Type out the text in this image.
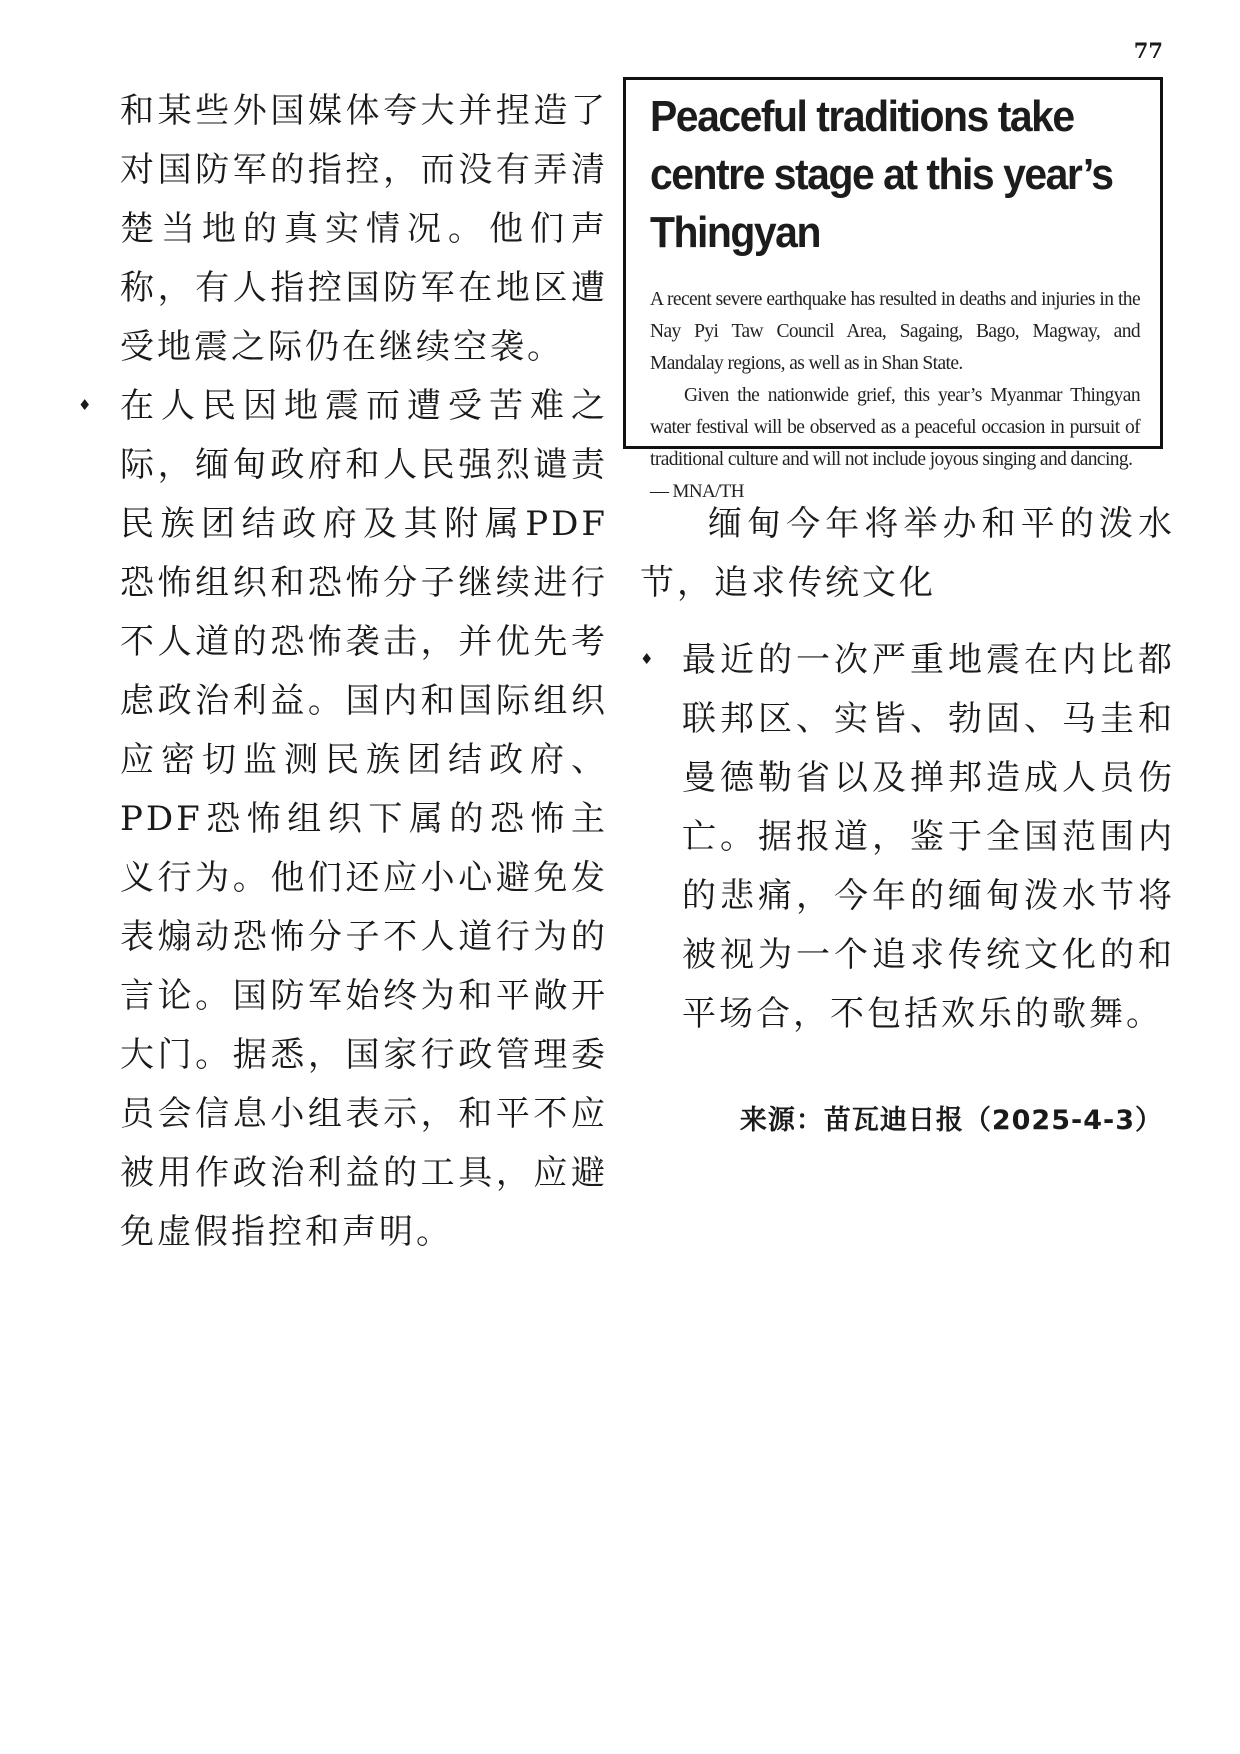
77

和某些外国媒体夸大并捏造了对国防军的指控，而没有弄清楚当地的真实情况。他们声称，有人指控国防军在地区遭受地震之际仍在继续空袭。

♦ 在人民因地震而遭受苦难之际，缅甸政府和人民强烈谴责民族团结政府及其附属PDF恐怖组织和恐怖分子继续进行不人道的恐怖袭击，并优先考虑政治利益。国内和国际组织应密切监测民族团结政府、PDF恐怖组织下属的恐怖主义行为。他们还应小心避免发表煽动恐怖分子不人道行为的言论。国防军始终为和平敞开大门。据悉，国家行政管理委员会信息小组表示，和平不应被用作政治利益的工具，应避免虚假指控和声明。

Peaceful traditions take centre stage at this year’s Thingyan

A recent severe earthquake has resulted in deaths and injuries in the Nay Pyi Taw Council Area, Sagaing, Bago, Magway, and Mandalay regions, as well as in Shan State.

Given the nationwide grief, this year’s Myanmar Thingyan water festival will be observed as a peaceful occasion in pursuit of traditional culture and will not include joyous singing and dancing.

— MNA/TH

缅甸今年将举办和平的泼水节，追求传统文化

♦ 最近的一次严重地震在内比都联邦区、实皆、勃固、马圭和曼德勒省以及掸邦造成人员伤亡。据报道，鉴于全国范围内的悲痛，今年的缅甸泼水节将被视为一个追求传统文化的和平场合，不包括欢乐的歌舞。

来源：苗瓦迪日报（2025-4-3）
